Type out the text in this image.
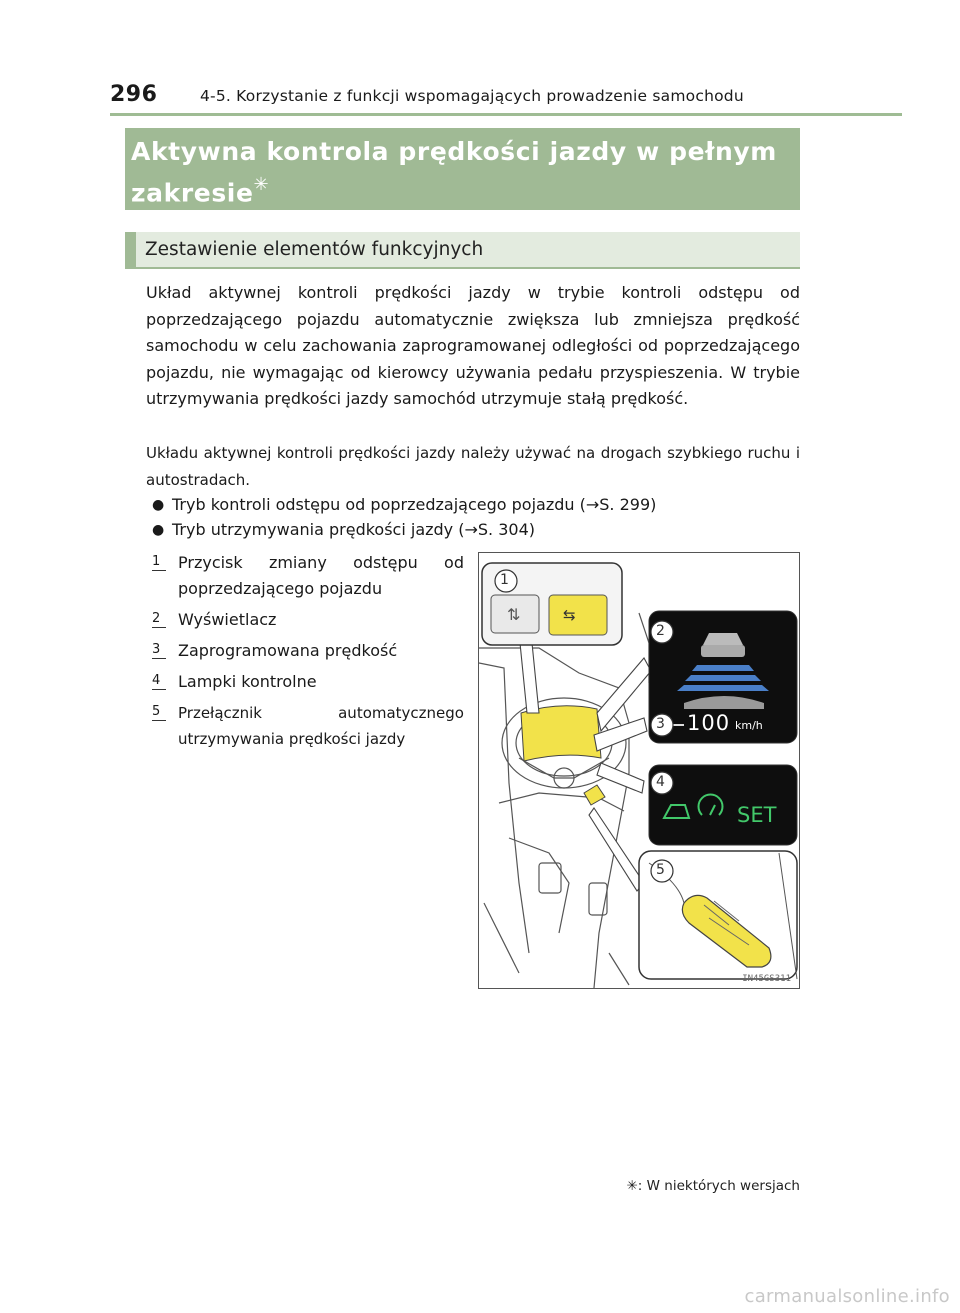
296	4-5. Korzystanie z funkcji wspomagających prowadzenie samochodu
Aktywna kontrola prędkości jazdy w pełnym zakresie✳
Zestawienie elementów funkcyjnych

Układ aktywnej kontroli prędkości jazdy w trybie kontroli odstępu od poprzedzającego pojazdu automatycznie zwiększa lub zmniejsza prędkość samochodu w celu zachowania zaprogramowanej odległości od poprzedzającego pojazdu, nie wymagając od kierowcy używania pedału przyspieszenia. W trybie utrzymywania prędkości jazdy samochód utrzymuje stałą prędkość.

Układu aktywnej kontroli prędkości jazdy należy używać na drogach szybkiego ruchu i autostradach.

● Tryb kontroli odstępu od poprzedzającego pojazdu (→S. 299)
● Tryb utrzymywania prędkości jazdy (→S. 304)
1	Przycisk zmiany odstępu od poprzedzającego pojazdu
2	Wyświetlacz
3	Zaprogramowana prędkość
4	Lampki kontrolne
5	Przełącznik automatycznego utrzymywania prędkości jazdy
⇅	⇆
1
2
3
4
5
100 km/h
SET
IN45GS311
✳: W niektórych wersjach
carmanualsonline.info
